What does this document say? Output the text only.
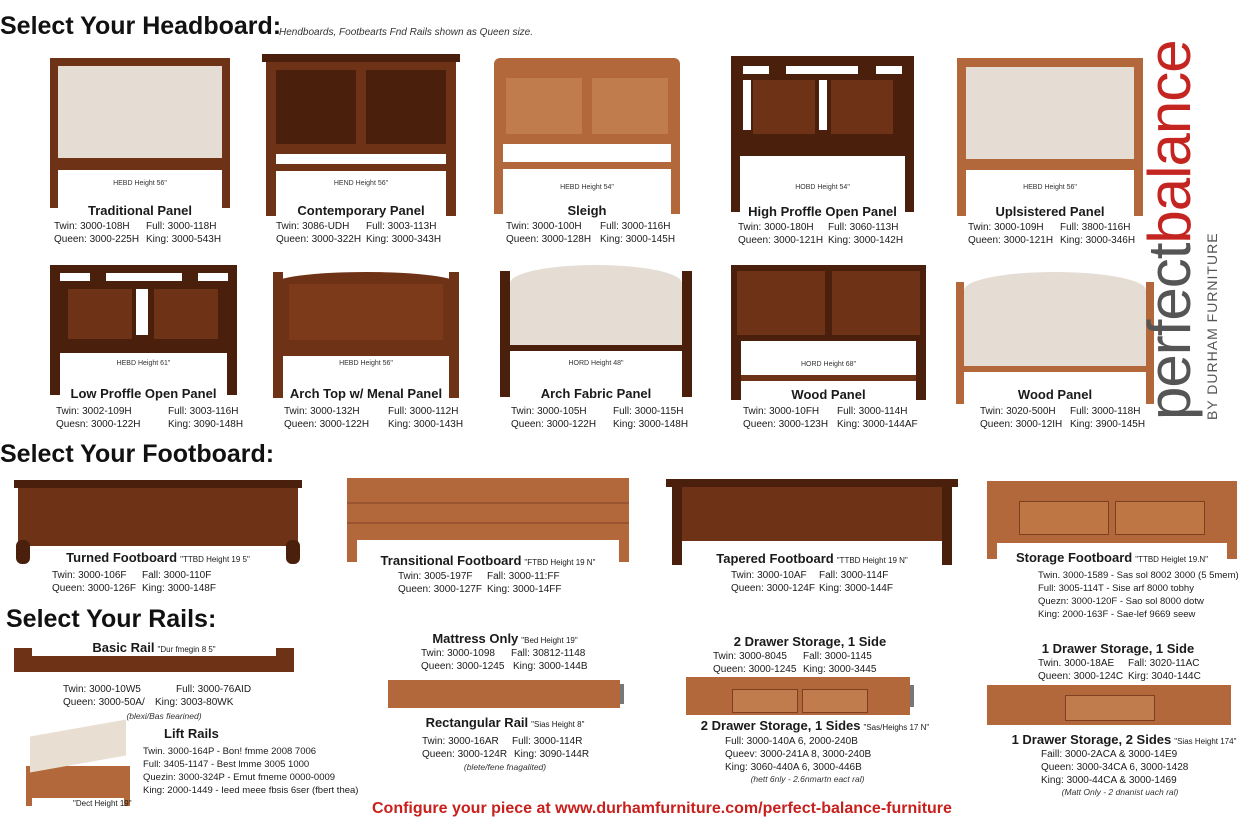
Select Your Headboard:
Hendboards, Footbearts Fnd Rails shown as Queen size.
HEBD Height 56"
Traditional Panel
Twin: 3000-108H Full: 3000-118H
Queen: 3000-225H King: 3000-543H
HEND Height 56"
Contemporary Panel
Twin: 3086-UDH Full: 3003-113H
Queen: 3000-322H King: 3000-343H
HEBD Height 54"
Sleigh
Twin: 3000-100H Full: 3000-116H
Queen: 3000-128H King: 3000-145H
HOBD Height 54"
High Proffle Open Panel
Twin: 3000-180H Full: 3060-113H
Queen: 3000-121H King: 3000-142H
HEBD Height 56"
Uplsistered Panel
Twin: 3000-109H Full: 3800-116H
Queen: 3000-121H King: 3000-346H
HEBD Height 61"
Low Proffle Open Panel
Twin: 3002-109H	Full: 3003-116H
Quesn: 3000-122H	King: 3090-148H
HEBD Height 56"
Arch Top w/ Menal Panel
Twin: 3000-132H	Full: 3000-112H
Queen: 3000-122H King: 3000-143H
HORD Height 48"
Arch Fabric Panel
Twin: 3000-105H	Full: 3000-115H
Queen: 3000-122H King: 3000-148H
HORD Height 68"
Wood Panel
Twin: 3000-10FH Full: 3000-114H
Queen: 3000-123H King: 3000-144AF
Wood Panel
Twin: 3020-500H Full: 3000-118H
Queen: 3000-12IH King: 3900-145H
perfectbalance
BY DURHAM FURNITURE
Select Your Footboard:
Turned Footboard "TTBD Height 19 5"
Twin: 3000-106F Fall: 3000-110F
Queen: 3000-126F King: 3000-148F
Transitional Footboard "FTBD Height 19 N"
Twin: 3005-197F Fall: 3000-11:FF
Queen: 3000-127F King: 3000-14FF
Tapered Footboard "TTBD Height 19 N"
Twin: 3000-10AF Fall: 3000-114F
Queen: 3000-124F King: 3000-144F
Storage Footboard "TTBD Heiglet 19.N"
Twin. 3000-1589 - Sas sol 8002 3000 (5 5mem)
Full: 3005-114T - Sise arf 8000 tobhy
Quezn: 3000-120F - Sao sol 8000 dotw
King: 2000-163F - Sae-lef 9669 seew
Select Your Rails:
Basic Rail "Dur fmegin 8 5"
Twin: 3000-10W5	Full: 3000-76AID
Queen: 3000-50A/ King: 3003-80WK
(blexi/Bas fiearined)
"Dect Height 19"
Lift Rails
Twin. 3000-164P - Bon! fmme 2008 7006
Full: 3405-1147 - Best lmme 3005 1000
Quezin: 3000-324P - Emut fmeme 0000-0009
King: 2000-1449 - Ieed meee fbsis 6ser (fbert thea)
Mattress Only "Bed Height 19"
Twin: 3000-1098 Fall: 30812-1148
Queen: 3000-1245 King: 3000-144B
Rectangular Rail "Sias Height 8"
Twin: 3000-16AR Full: 3000-114R
Queen: 3000-124R King: 3090-144R
(blete/fene fnagalited)
2 Drawer Storage, 1 Side
Twin: 3000-8045 Fall: 3000-1145
Queen: 3000-1245 King: 3000-3445
2 Drawer Storage, 1 Sides "Sas/Heighs 17 N"
Full: 3000-140A 6, 2000-240B
Queev: 3000-241A 8, 3000-240B
King: 3060-440A 6, 3000-446B
(hett 6nly - 2.6nmartn eact ral)
1 Drawer Storage, 1 Side
Twin. 3000-18AE Fall: 3020-11AC
Queen: 3000-124C Kirg: 3040-144C
1 Drawer Storage, 2 Sides "Sias Height 174"
Faill: 3000-2ACA & 3000-14E9
Queen: 3000-34CA 6, 3000-1428
King: 3000-44CA & 3000-1469
(Matt Only - 2 dnanist uach ral)
Configure your piece at www.durhamfurniture.com/perfect-balance-furniture
